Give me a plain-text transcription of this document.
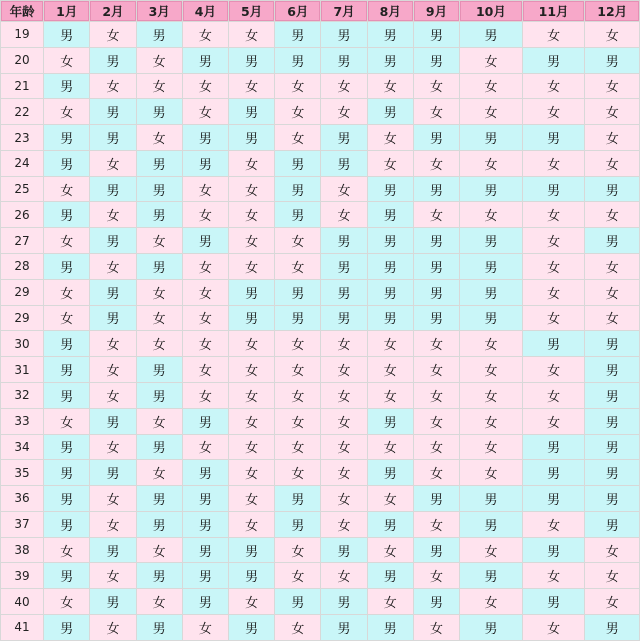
年龄	1月	2月	3月	4月	5月	6月	7月	8月	9月	10月	11月	12月
19	男	女	男	女	女	男	男	男	男	男	女	女
20	女	男	女	男	男	男	男	男	男	女	男	男
21	男	女	女	女	女	女	女	女	女	女	女	女
22	女	男	男	女	男	女	女	男	女	女	女	女
23	男	男	女	男	男	女	男	女	男	男	男	女
24	男	女	男	男	女	男	男	女	女	女	女	女
25	女	男	男	女	女	男	女	男	男	男	男	男
26	男	女	男	女	女	男	女	男	女	女	女	女
27	女	男	女	男	女	女	男	男	男	男	女	男
28	男	女	男	女	女	女	男	男	男	男	女	女
29	女	男	女	女	男	男	男	男	男	男	女	女
29	女	男	女	女	男	男	男	男	男	男	女	女
30	男	女	女	女	女	女	女	女	女	女	男	男
31	男	女	男	女	女	女	女	女	女	女	女	男
32	男	女	男	女	女	女	女	女	女	女	女	男
33	女	男	女	男	女	女	女	男	女	女	女	男
34	男	女	男	女	女	女	女	女	女	女	男	男
35	男	男	女	男	女	女	女	男	女	女	男	男
36	男	女	男	男	女	男	女	女	男	男	男	男
37	男	女	男	男	女	男	女	男	女	男	女	男
38	女	男	女	男	男	女	男	女	男	女	男	女
39	男	女	男	男	男	女	女	男	女	男	女	女
40	女	男	女	男	女	男	男	女	男	女	男	女
41	男	女	男	女	男	女	男	男	女	男	女	男
